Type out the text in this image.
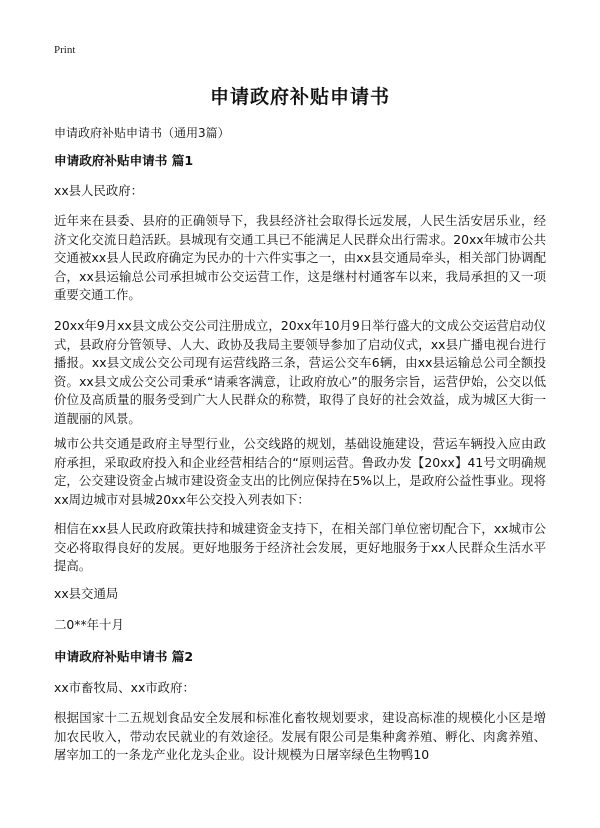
Print
申请政府补贴申请书
申请政府补贴申请书（通用3篇）
申请政府补贴申请书 篇1
xx县人民政府：
近年来在县委、县府的正确领导下，我县经济社会取得长远发展，人民生活安居乐业，经济文化交流日趋活跃。县城现有交通工具已不能满足人民群众出行需求。20xx年城市公共交通被xx县人民政府确定为民办的十六件实事之一，由xx县交通局牵头，相关部门协调配合，xx县运输总公司承担城市公交运营工作，这是继村村通客车以来，我局承担的又一项重要交通工作。
20xx年9月xx县文成公交公司注册成立，20xx年10月9日举行盛大的文成公交运营启动仪式，县政府分管领导、人大、政协及我局主要领导参加了启动仪式，xx县广播电视台进行播报。xx县文成公交公司现有运营线路三条，营运公交车6辆，由xx县运输总公司全额投资。xx县文成公交公司秉承“请乘客满意，让政府放心”的服务宗旨，运营伊始，公交以低价位及高质量的服务受到广大人民群众的称赞，取得了良好的社会效益，成为城区大街一道靓丽的风景。
城市公共交通是政府主导型行业，公交线路的规划，基础设施建设，营运车辆投入应由政府承担，采取政府投入和企业经营相结合的“原则运营。鲁政办发【20xx】41号文明确规定，公交建设资金占城市建设资金支出的比例应保持在5%以上，是政府公益性事业。现将xx周边城市对县城20xx年公交投入列表如下：
相信在xx县人民政府政策扶持和城建资金支持下，在相关部门单位密切配合下，xx城市公交必将取得良好的发展。更好地服务于经济社会发展，更好地服务于xx人民群众生活水平提高。
xx县交通局
二0**年十月
申请政府补贴申请书 篇2
xx市畜牧局、xx市政府：
根据国家十二五规划食品安全发展和标准化畜牧规划要求，建设高标准的规模化小区是增加农民收入，带动农民就业的有效途径。发展有限公司是集种禽养殖、孵化、肉禽养殖、屠宰加工的一条龙产业化龙头企业。设计规模为日屠宰绿色生物鸭10
